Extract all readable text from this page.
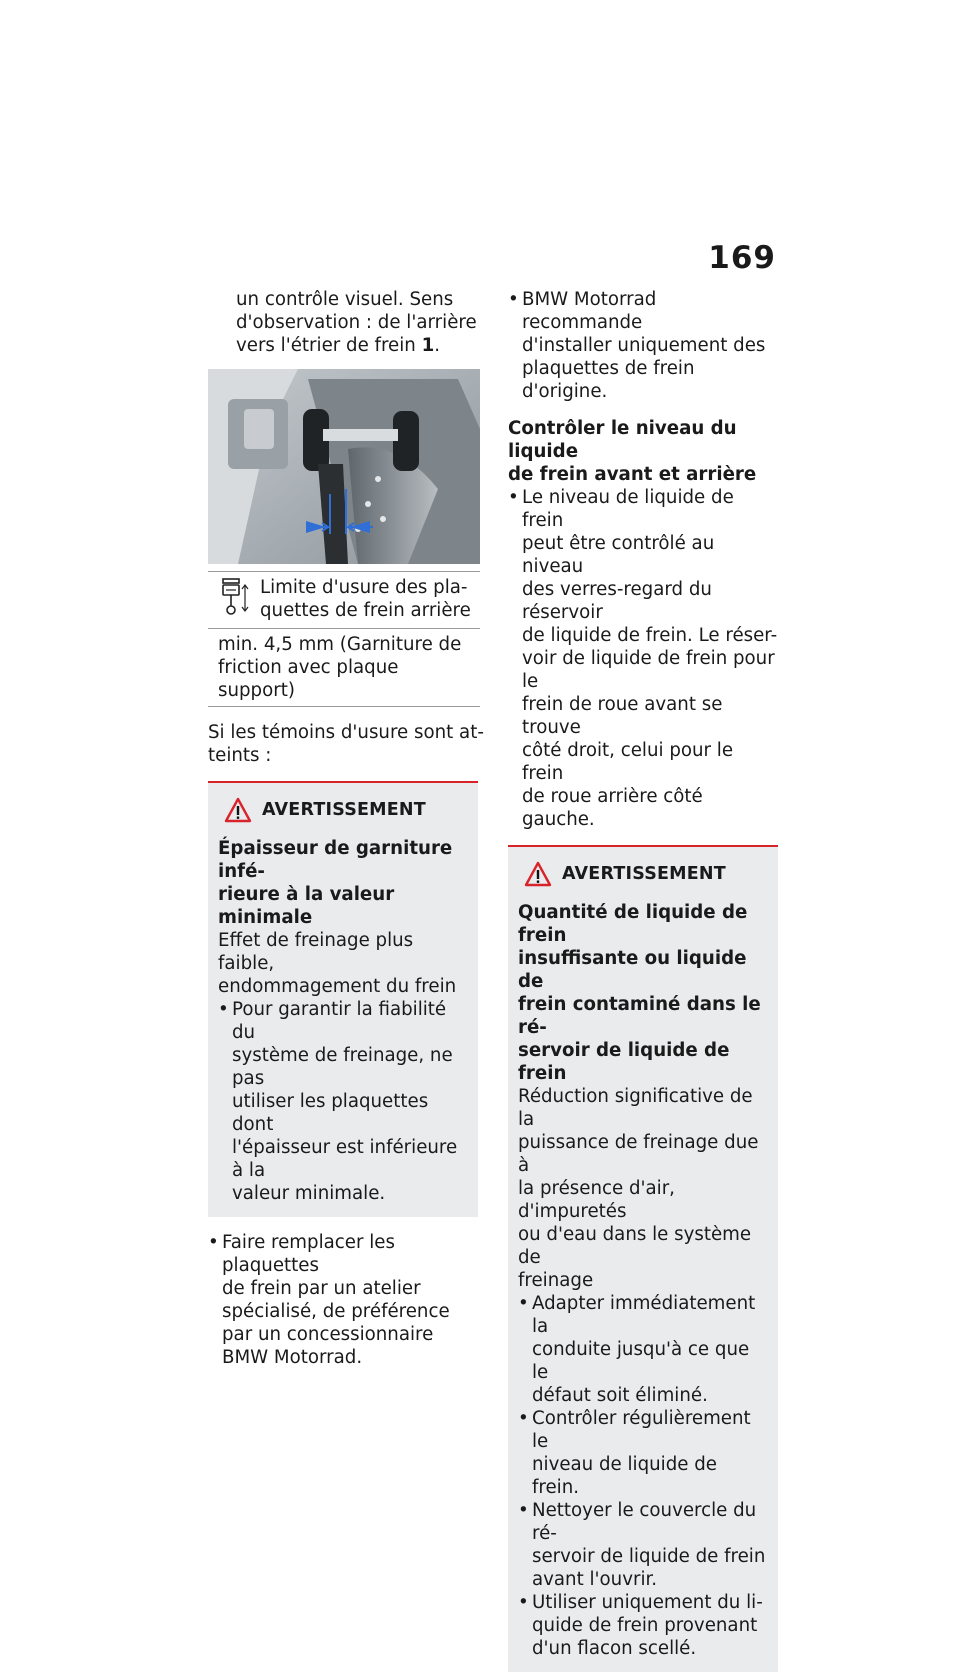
169
un contrôle visuel. Sens
d'observation : de l'arrière
vers l'étrier de frein 1.
Limite d'usure des pla-
quettes de frein arrière
min. 4,5 mm (Garniture de
friction avec plaque support)
Si les témoins d'usure sont at-
teints :
AVERTISSEMENT
Épaisseur de garniture infé-
rieure à la valeur minimale
Effet de freinage plus faible,
endommagement du frein
• Pour garantir la fiabilité du
système de freinage, ne pas
utiliser les plaquettes dont
l'épaisseur est inférieure à la
valeur minimale.
• Faire remplacer les plaquettes
de frein par un atelier
spécialisé, de préférence
par un concessionnaire
BMW Motorrad.
• BMW Motorrad recommande
d'installer uniquement des
plaquettes de frein d'origine.
Contrôler le niveau du liquide
de frein avant et arrière
• Le niveau de liquide de frein
peut être contrôlé au niveau
des verres-regard du réservoir
de liquide de frein. Le réser-
voir de liquide de frein pour le
frein de roue avant se trouve
côté droit, celui pour le frein
de roue arrière côté gauche.
AVERTISSEMENT
Quantité de liquide de frein
insuffisante ou liquide de
frein contaminé dans le ré-
servoir de liquide de frein
Réduction significative de la
puissance de freinage due à
la présence d'air, d'impuretés
ou d'eau dans le système de
freinage
• Adapter immédiatement la
conduite jusqu'à ce que le
défaut soit éliminé.
• Contrôler régulièrement le
niveau de liquide de frein.
• Nettoyer le couvercle du ré-
servoir de liquide de frein
avant l'ouvrir.
• Utiliser uniquement du li-
quide de frein provenant
d'un flacon scellé.
